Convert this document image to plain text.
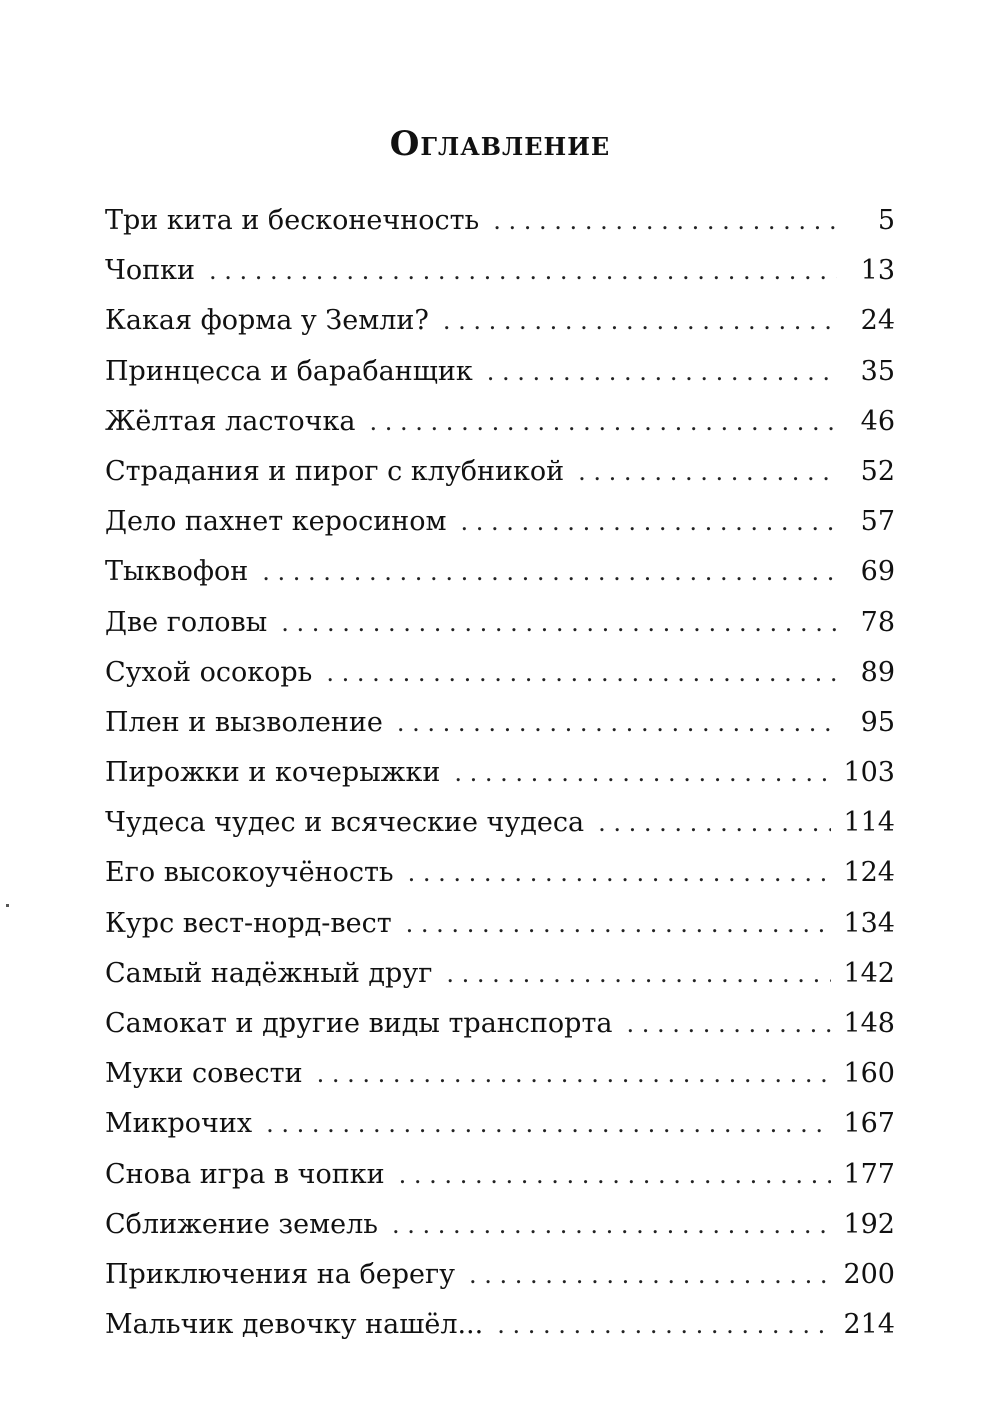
Оглавление
Три кита и бесконечность . . .	5
Чопки . . .	13
Какая форма у Земли? . . .	24
Принцесса и барабанщик . . .	35
Жёлтая ласточка . . .	46
Страдания и пирог с клубникой . . .	52
Дело пахнет керосином . . .	57
Тыквофон . . .	69
Две головы . . .	78
Сухой осокорь . . .	89
Плен и вызволение . . .	95
Пирожки и кочерыжки . . .	103
Чудеса чудес и всяческие чудеса . . .	114
Его высокоучёность . . .	124
Курс вест-норд-вест . . .	134
Самый надёжный друг . . .	142
Самокат и другие виды транспорта . . .	148
Муки совести . . .	160
Микрочих . . .	167
Снова игра в чопки . . .	177
Сближение земель . . .	192
Приключения на берегу . . .	200
Мальчик девочку нашёл... . . .	214
